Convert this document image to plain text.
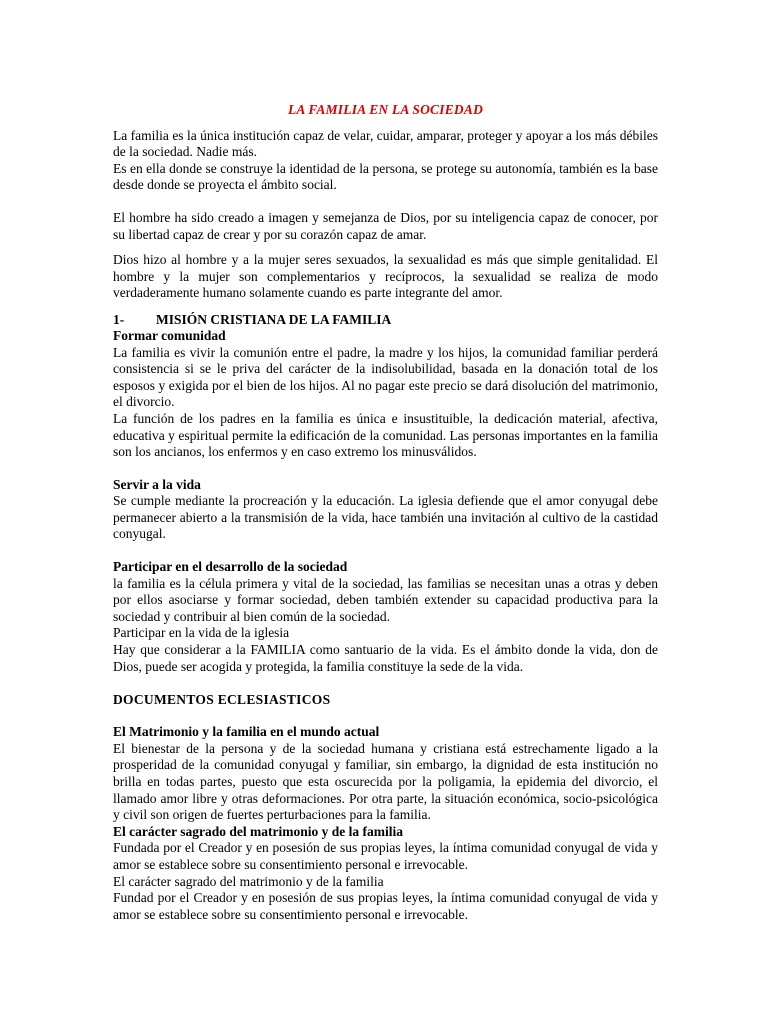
LA FAMILIA EN LA SOCIEDAD

La familia es la única institución capaz de velar, cuidar, amparar, proteger y apoyar a los más débiles de la sociedad. Nadie más.

Es en ella donde se construye la identidad de la persona, se protege su autonomía, también es la base desde donde se proyecta el ámbito social.

El hombre ha sido creado a imagen y semejanza de Dios, por su inteligencia capaz de conocer, por su libertad capaz de crear y por su corazón capaz de amar.

Dios hizo al hombre y a la mujer seres sexuados, la sexualidad es más que simple genitalidad. El hombre y la mujer son complementarios y recíprocos, la sexualidad se realiza de modo verdaderamente humano solamente cuando es parte integrante del amor.

1-	MISIÓN CRISTIANA DE LA FAMILIA

Formar comunidad

La familia es vivir la comunión entre el padre, la madre y los hijos, la comunidad familiar perderá consistencia si se le priva del carácter de la indisolubilidad, basada en la donación total de los esposos y exigida por el bien de los hijos. Al no pagar este precio se dará disolución del matrimonio, el divorcio.

La función de los padres en la familia es única e insustituible, la dedicación material, afectiva, educativa y espiritual permite la edificación de la comunidad. Las personas importantes en la familia son los ancianos, los enfermos y en caso extremo los minusválidos.

Servir a la vida

Se cumple mediante la procreación y la educación. La iglesia defiende que el amor conyugal debe permanecer abierto a la transmisión de la vida, hace también una invitación al cultivo de la castidad conyugal.

Participar en el desarrollo de la sociedad

la familia es la célula primera y vital de la sociedad, las familias se necesitan unas a otras y deben por ellos asociarse y formar sociedad, deben también extender su capacidad productiva para la sociedad y contribuir al bien común de la sociedad.

Participar en la vida de la iglesia

Hay que considerar a la FAMILIA como santuario de la vida. Es el ámbito donde la vida, don de Dios, puede ser acogida y protegida, la familia constituye la sede de la vida.

DOCUMENTOS ECLESIASTICOS

El Matrimonio y la familia en el mundo actual

El bienestar de la persona y de la sociedad humana y cristiana está estrechamente ligado a la prosperidad de la comunidad conyugal y familiar, sin embargo, la dignidad de esta institución no brilla en todas partes, puesto que esta oscurecida por la poligamia, la epidemia del divorcio, el llamado amor libre y otras deformaciones. Por otra parte, la situación económica, socio-psicológica y civil son origen de fuertes perturbaciones para la familia.

El carácter sagrado del matrimonio y de la familia

Fundada por el Creador y en posesión de sus propias leyes, la íntima comunidad conyugal de vida y amor se establece sobre su consentimiento personal e irrevocable.

El carácter sagrado del matrimonio y de la familia

Fundad por el Creador y en posesión de sus propias leyes, la íntima comunidad conyugal de vida y amor se establece sobre su consentimiento personal e irrevocable.
